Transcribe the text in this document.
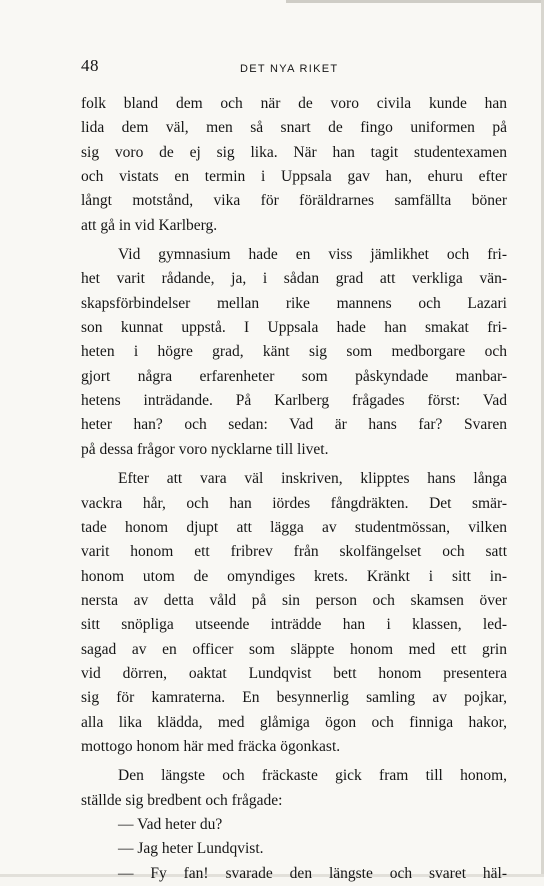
48	DET NYA RIKET
folk bland dem och när de voro civila kunde han
lida dem väl, men så snart de fingo uniformen på
sig voro de ej sig lika. När han tagit studentexamen
och vistats en termin i Uppsala gav han, ehuru efter
långt motstånd, vika för föräldrarnes samfällta böner
att gå in vid Karlberg.
Vid gymnasium hade en viss jämlikhet och fri-
het varit rådande, ja, i sådan grad att verkliga vän-
skapsförbindelser mellan rike mannens och Lazari
son kunnat uppstå. I Uppsala hade han smakat fri-
heten i högre grad, känt sig som medborgare och
gjort några erfarenheter som påskyndade manbar-
hetens inträdande. På Karlberg frågades först: Vad
heter han? och sedan: Vad är hans far? Svaren
på dessa frågor voro nycklarne till livet.
Efter att vara väl inskriven, klipptes hans långa
vackra hår, och han iördes fångdräkten. Det smär-
tade honom djupt att lägga av studentmössan, vilken
varit honom ett fribrev från skolfängelset och satt
honom utom de omyndiges krets. Kränkt i sitt in-
nersta av detta våld på sin person och skamsen över
sitt snöpliga utseende inträdde han i klassen, led-
sagad av en officer som släppte honom med ett grin
vid dörren, oaktat Lundqvist bett honom presentera
sig för kamraterna. En besynnerlig samling av pojkar,
alla lika klädda, med glåmiga ögon och finniga hakor,
mottogo honom här med fräcka ögonkast.
Den längste och fräckaste gick fram till honom,
ställde sig bredbent och frågade:
— Vad heter du?
— Jag heter Lundqvist.
— Fy fan! svarade den längste och svaret häl-
